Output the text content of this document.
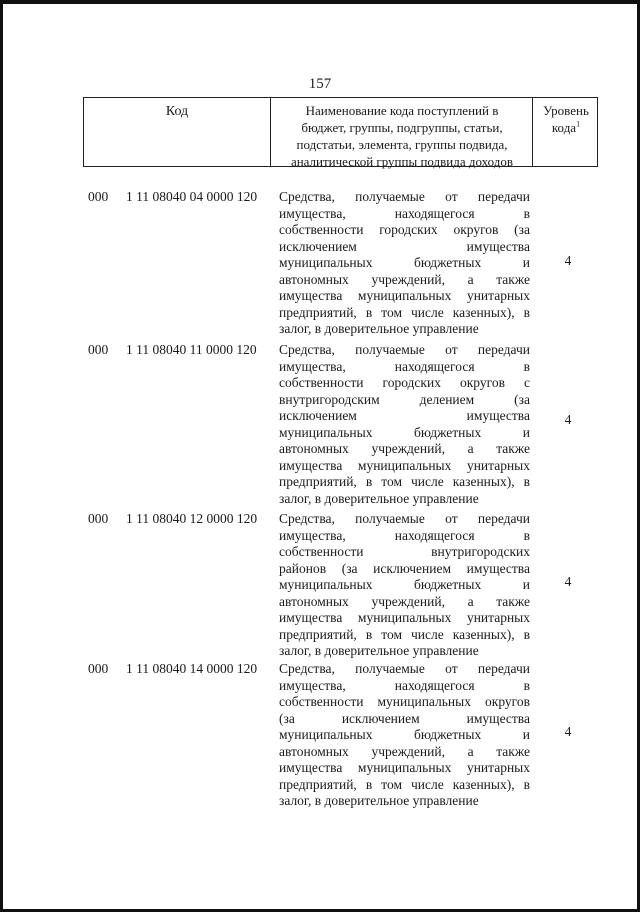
157
Код	Наименование кода поступлений в
бюджет, группы, подгруппы, статьи,
подстатьи, элемента, группы подвида,
аналитической группы подвида доходов
Уровень
кода$^1$
000 1 11 08040 04 0000 120 Средства, получаемые от передачи
имущества, находящегося в
собственности городских округов (за
исключением имущества
муниципальных бюджетных и
автономных учреждений, а также
имущества муниципальных унитарных
предприятий, в том числе казенных), в
залог, в доверительное управление
4
000 1 11 08040 11 0000 120 Средства, получаемые от передачи
имущества, находящегося в
собственности городских округов с
внутригородским делением (за
исключением имущества
муниципальных бюджетных и
автономных учреждений, а также
имущества муниципальных унитарных
предприятий, в том числе казенных), в
залог, в доверительное управление
4
000 1 11 08040 12 0000 120 Средства, получаемые от передачи
имущества, находящегося в
собственности внутригородских
районов (за исключением имущества
муниципальных бюджетных и
автономных учреждений, а также
имущества муниципальных унитарных
предприятий, в том числе казенных), в
залог, в доверительное управление
4
000 1 11 08040 14 0000 120 Средства, получаемые от передачи
имущества, находящегося в
собственности муниципальных округов
(за исключением имущества
муниципальных бюджетных и
автономных учреждений, а также
имущества муниципальных унитарных
предприятий, в том числе казенных), в
залог, в доверительное управление
4
